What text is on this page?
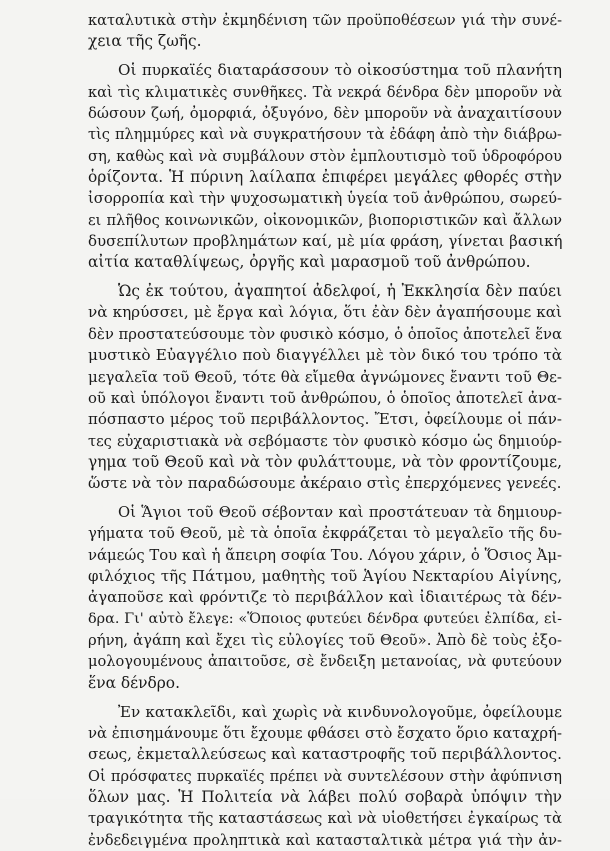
καταλυτικὰ στὴν ἐκμηδένιση τῶν προϋποθέσεων γιά τὴν συνέ-
χεια τῆς ζωῆς.
Οἱ πυρκαϊές διαταράσσουν τὸ οἰκοσύστημα τοῦ πλανήτη
καὶ τὶς κλιματικὲς συνθῆκες. Τὰ νεκρά δένδρα δὲν μποροῦν νὰ
δώσουν ζωή, ὀμορφιά, ὀξυγόνο, δὲν μποροῦν νὰ ἀναχαιτίσουν
τὶς πλημμύρες καὶ νὰ συγκρατήσουν τὰ ἐδάφη ἀπὸ τὴν διάβρω-
ση, καθὼς καὶ νὰ συμβάλουν στὸν ἐμπλουτισμὸ τοῦ ὑδροφόρου
ὁρίζοντα. Ἡ πύρινη λαίλαπα ἐπιφέρει μεγάλες φθορές στὴν
ἰσορροπία καὶ τὴν ψυχοσωματικὴ ὑγεία τοῦ ἀνθρώπου, σωρεύ-
ει πλῆθος κοινωνικῶν, οἰκονομικῶν, βιοποριστικῶν καὶ ἄλλων
δυσεπίλυτων προβλημάτων καί, μὲ μία φράση, γίνεται βασική
αἰτία καταθλίψεως, ὀργῆς καὶ μαρασμοῦ τοῦ ἀνθρώπου.
Ὡς ἐκ τούτου, ἀγαπητοί ἀδελφοί, ἡ Ἐκκλησία δὲν παύει
νὰ κηρύσσει, μὲ ἔργα καὶ λόγια, ὅτι ἐὰν δὲν ἀγαπήσουμε καὶ
δὲν προστατεύσουμε τὸν φυσικὸ κόσμο, ὁ ὁποῖος ἀποτελεῖ ἕνα
μυστικὸ Εὐαγγέλιο ποὺ διαγγέλλει μὲ τὸν δικό του τρόπο τὰ
μεγαλεῖα τοῦ Θεοῦ, τότε θὰ εἴμεθα ἀγνώμονες ἔναντι τοῦ Θε-
οῦ καὶ ὑπόλογοι ἔναντι τοῦ ἀνθρώπου, ὁ ὁποῖος ἀποτελεῖ ἀνα-
πόσπαστο μέρος τοῦ περιβάλλοντος. Ἔτσι, ὀφείλουμε οἱ πάν-
τες εὐχαριστιακὰ νὰ σεβόμαστε τὸν φυσικὸ κόσμο ὡς δημιούρ-
γημα τοῦ Θεοῦ καὶ νὰ τὸν φυλάττουμε, νὰ τὸν φροντίζουμε,
ὥστε νὰ τὸν παραδώσουμε ἀκέραιο στὶς ἐπερχόμενες γενεές.
Οἱ Ἅγιοι τοῦ Θεοῦ σέβονταν καὶ προστάτευαν τὰ δημιουρ-
γήματα τοῦ Θεοῦ, μὲ τὰ ὁποῖα ἐκφράζεται τὸ μεγαλεῖο τῆς δυ-
νάμεώς Του καὶ ἡ ἄπειρη σοφία Του. Λόγου χάριν, ὁ Ὅσιος Ἀμ-
φιλόχιος τῆς Πάτμου, μαθητὴς τοῦ Ἁγίου Νεκταρίου Αἰγίνης,
ἀγαποῦσε καὶ φρόντιζε τὸ περιβάλλον καὶ ἰδιαιτέρως τὰ δέν-
δρα. Γι' αὐτὸ ἔλεγε: «Ὅποιος φυτεύει δένδρα φυτεύει ἐλπίδα, εἰ-
ρήνη, ἀγάπη καὶ ἔχει τὶς εὐλογίες τοῦ Θεοῦ». Ἀπὸ δὲ τοὺς ἐξο-
μολογουμένους ἀπαιτοῦσε, σὲ ἔνδειξη μετανοίας, νὰ φυτεύουν
ἕνα δένδρο.
Ἐν κατακλεῖδι, καὶ χωρὶς νὰ κινδυνολογοῦμε, ὀφείλουμε
νὰ ἐπισημάνουμε ὅτι ἔχουμε φθάσει στὸ ἔσχατο ὅριο καταχρή-
σεως, ἐκμεταλλεύσεως καὶ καταστροφῆς τοῦ περιβάλλοντος.
Οἱ πρόσφατες πυρκαϊές πρέπει νὰ συντελέσουν στὴν ἀφύπνιση
ὅλων μας. Ἡ Πολιτεία νὰ λάβει πολύ σοβαρὰ ὑπόψιν τὴν
τραγικότητα τῆς καταστάσεως καὶ νὰ υἱοθετήσει ἐγκαίρως τὰ
ἐνδεδειγμένα προληπτικὰ καὶ κατασταλτικὰ μέτρα γιά τὴν ἀν-
